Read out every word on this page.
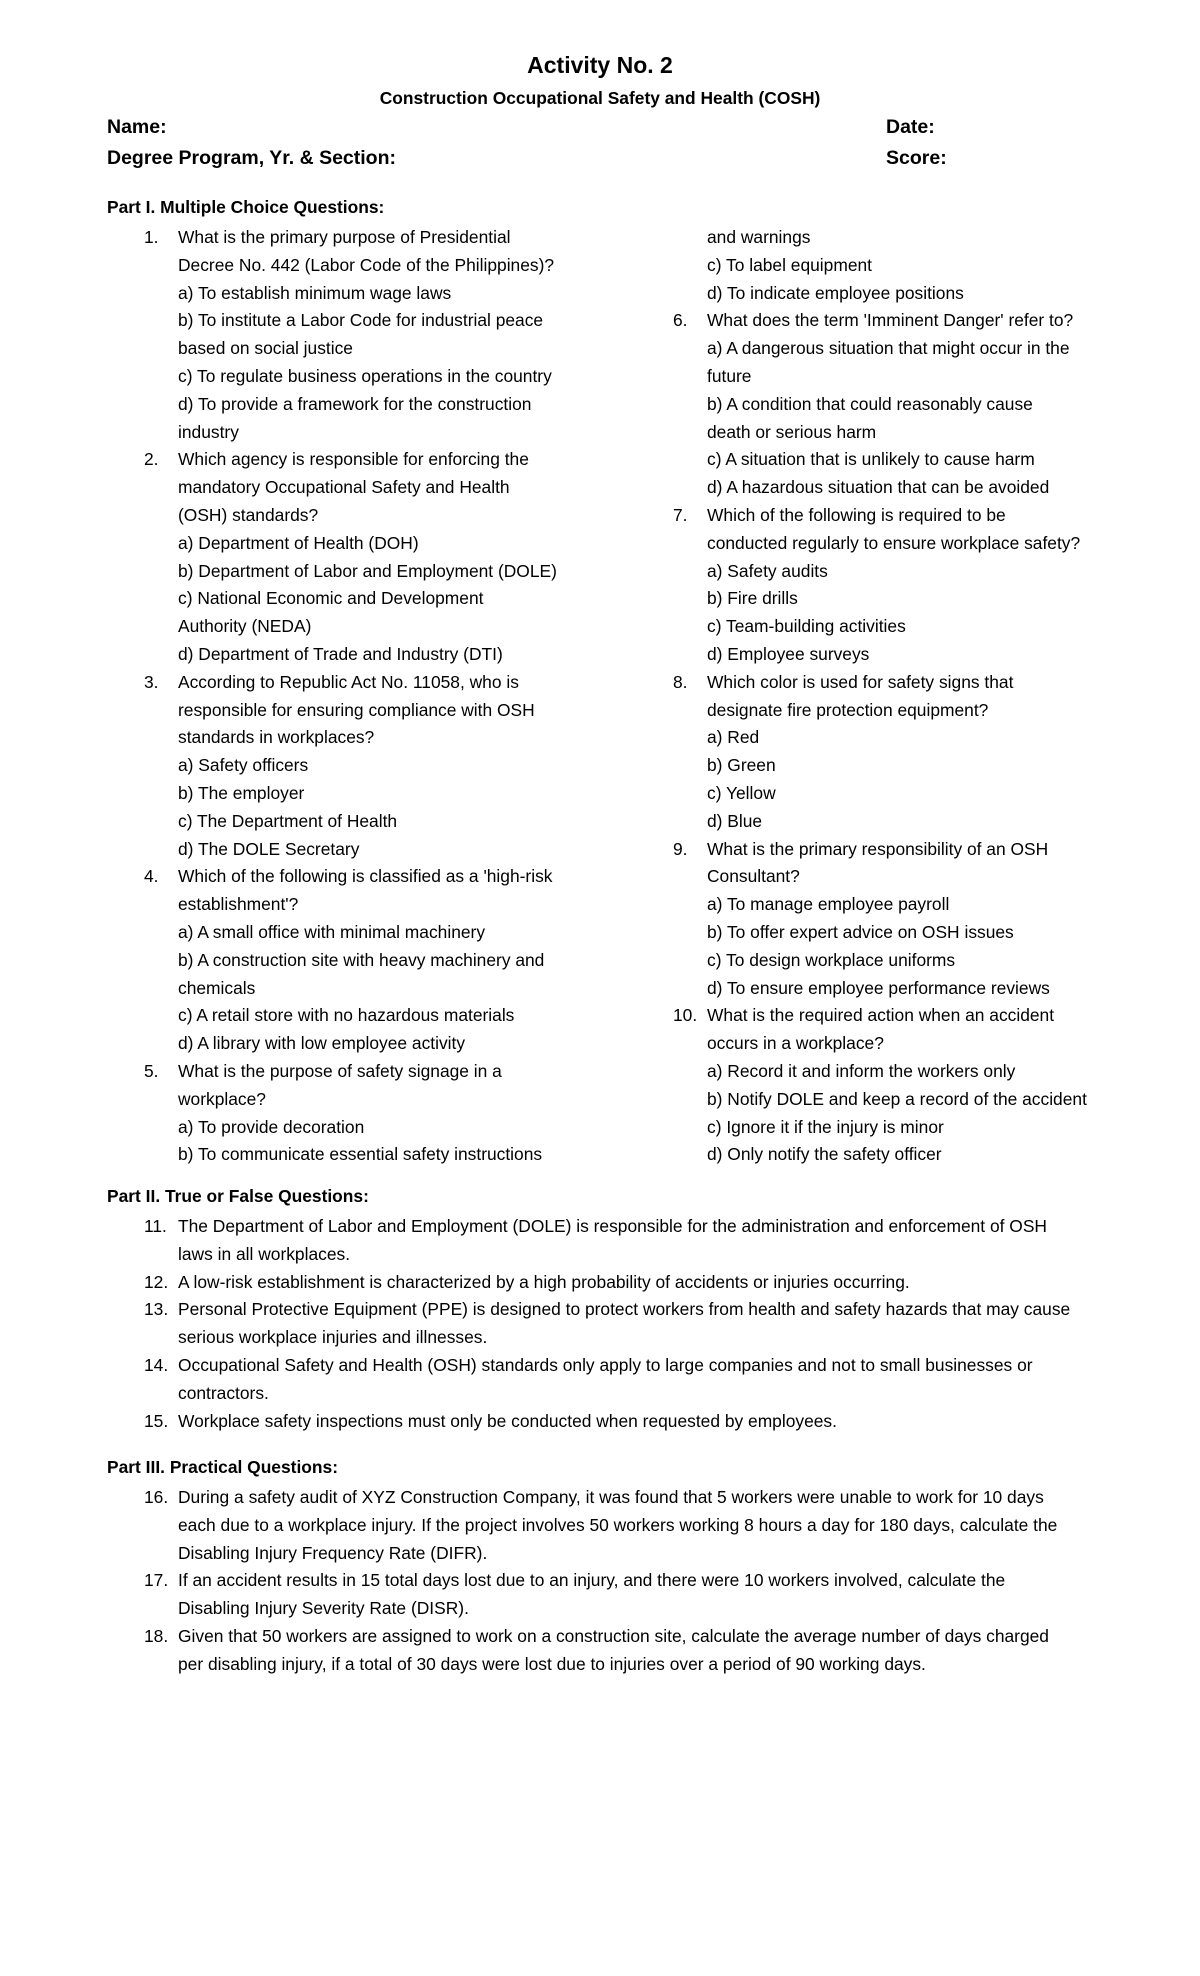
Activity No. 2
Construction Occupational Safety and Health (COSH)
Name:	Date:
Degree Program, Yr. & Section:	Score:
Part I. Multiple Choice Questions:
1.	What is the primary purpose of Presidential
Decree No. 442 (Labor Code of the Philippines)?
a) To establish minimum wage laws
b) To institute a Labor Code for industrial peace
based on social justice
c) To regulate business operations in the country
d) To provide a framework for the construction
industry
2.	Which agency is responsible for enforcing the
mandatory Occupational Safety and Health
(OSH) standards?
a) Department of Health (DOH)
b) Department of Labor and Employment (DOLE)
c) National Economic and Development
Authority (NEDA)
d) Department of Trade and Industry (DTI)
3.	According to Republic Act No. 11058, who is
responsible for ensuring compliance with OSH
standards in workplaces?
a) Safety officers
b) The employer
c) The Department of Health
d) The DOLE Secretary
4.	Which of the following is classified as a 'high-risk
establishment'?
a) A small office with minimal machinery
b) A construction site with heavy machinery and
chemicals
c) A retail store with no hazardous materials
d) A library with low employee activity
5.	What is the purpose of safety signage in a
workplace?
a) To provide decoration
b) To communicate essential safety instructions
and warnings
c) To label equipment
d) To indicate employee positions
6.	What does the term 'Imminent Danger' refer to?
a) A dangerous situation that might occur in the
future
b) A condition that could reasonably cause
death or serious harm
c) A situation that is unlikely to cause harm
d) A hazardous situation that can be avoided
7.	Which of the following is required to be
conducted regularly to ensure workplace safety?
a) Safety audits
b) Fire drills
c) Team-building activities
d) Employee surveys
8.	Which color is used for safety signs that
designate fire protection equipment?
a) Red
b) Green
c) Yellow
d) Blue
9.	What is the primary responsibility of an OSH
Consultant?
a) To manage employee payroll
b) To offer expert advice on OSH issues
c) To design workplace uniforms
d) To ensure employee performance reviews
10. What is the required action when an accident
occurs in a workplace?
a) Record it and inform the workers only
b) Notify DOLE and keep a record of the accident
c) Ignore it if the injury is minor
d) Only notify the safety officer
Part II. True or False Questions:
11. The Department of Labor and Employment (DOLE) is responsible for the administration and enforcement of OSH
laws in all workplaces.
12. A low-risk establishment is characterized by a high probability of accidents or injuries occurring.
13. Personal Protective Equipment (PPE) is designed to protect workers from health and safety hazards that may cause
serious workplace injuries and illnesses.
14. Occupational Safety and Health (OSH) standards only apply to large companies and not to small businesses or
contractors.
15. Workplace safety inspections must only be conducted when requested by employees.
Part III. Practical Questions:
16. During a safety audit of XYZ Construction Company, it was found that 5 workers were unable to work for 10 days
each due to a workplace injury. If the project involves 50 workers working 8 hours a day for 180 days, calculate the
Disabling Injury Frequency Rate (DIFR).
17. If an accident results in 15 total days lost due to an injury, and there were 10 workers involved, calculate the
Disabling Injury Severity Rate (DISR).
18. Given that 50 workers are assigned to work on a construction site, calculate the average number of days charged
per disabling injury, if a total of 30 days were lost due to injuries over a period of 90 working days.
